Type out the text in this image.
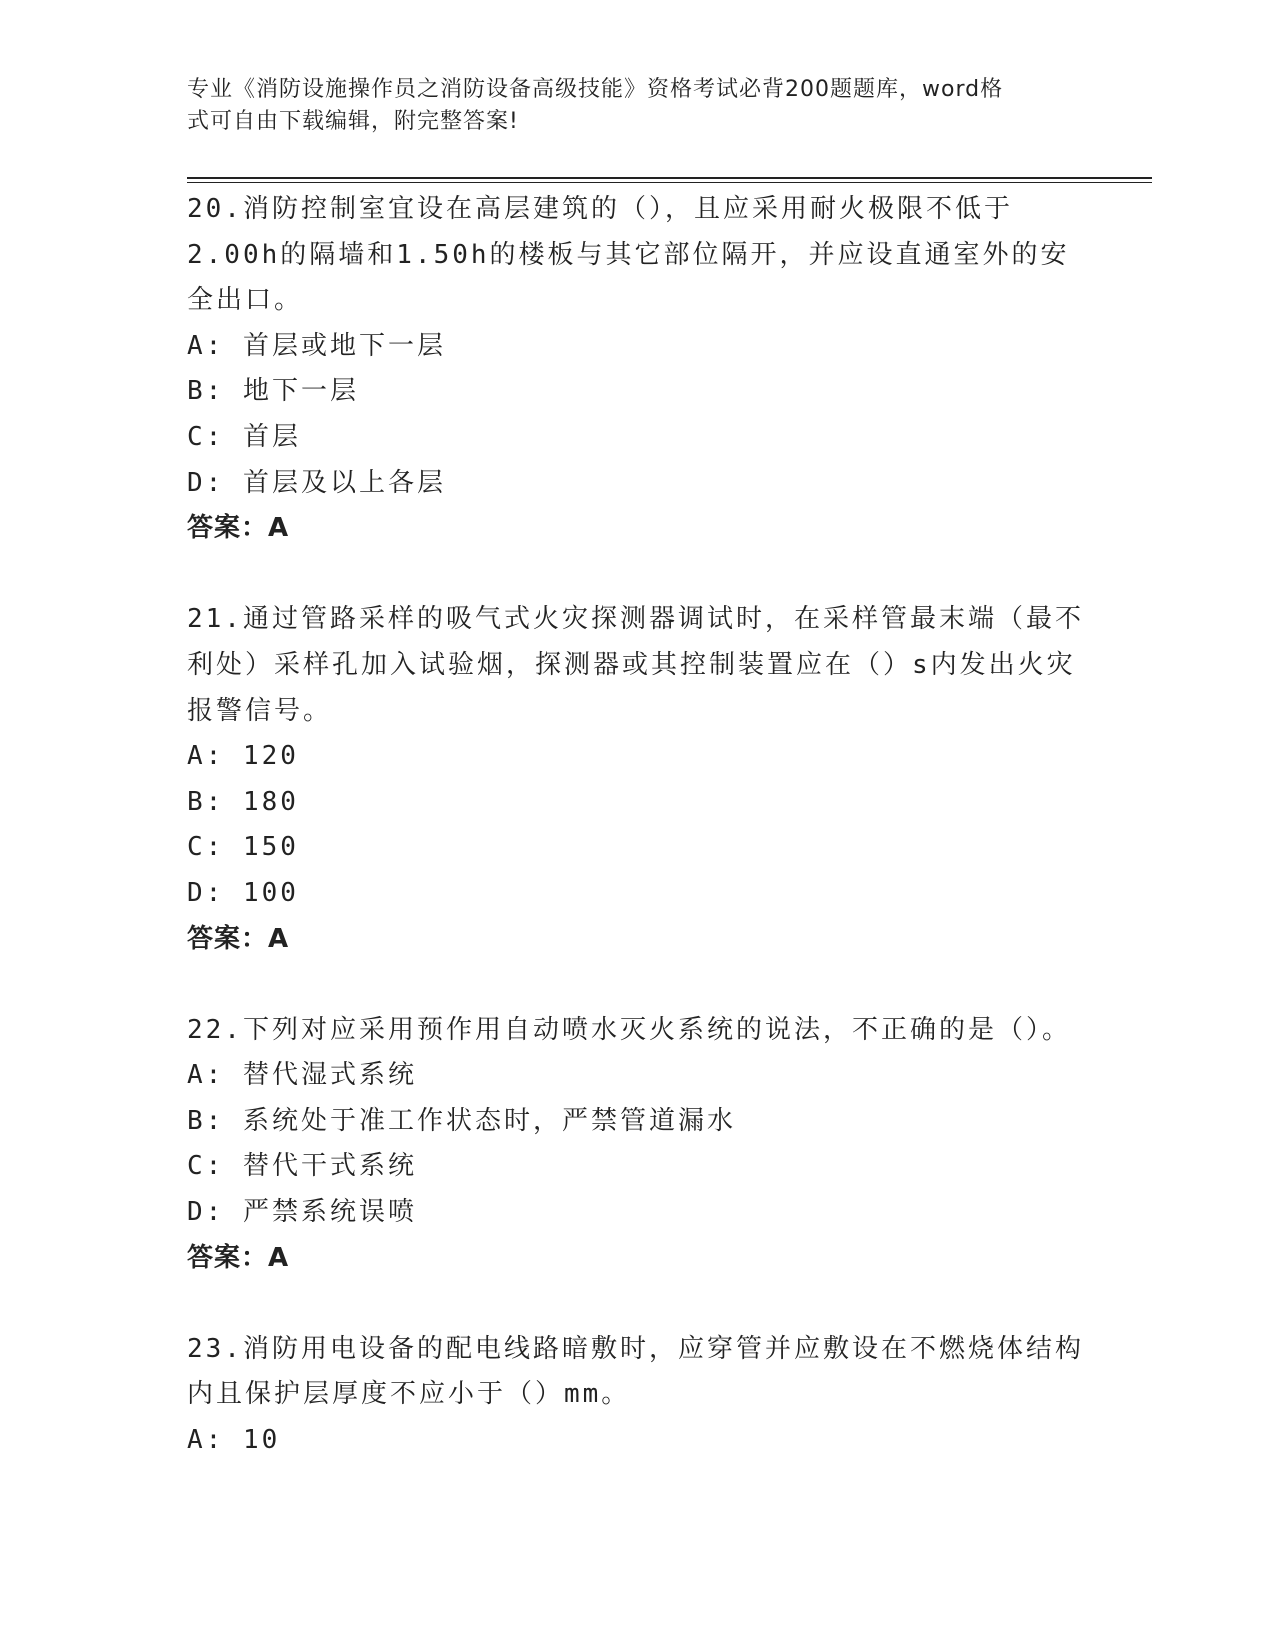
专业《消防设施操作员之消防设备高级技能》资格考试必背200题题库，word格
式可自由下载编辑，附完整答案!

20.消防控制室宜设在高层建筑的（），且应采用耐火极限不低于2.00h的隔墙和1.50h的楼板与其它部位隔开，并应设直通室外的安全出口。

A: 首层或地下一层

B: 地下一层

C: 首层

D: 首层及以上各层

答案：A

21.通过管路采样的吸气式火灾探测器调试时，在采样管最末端（最不利处）采样孔加入试验烟，探测器或其控制装置应在（）s内发出火灾报警信号。

A: 120

B: 180

C: 150

D: 100

答案：A

22.下列对应采用预作用自动喷水灭火系统的说法，不正确的是（）。

A: 替代湿式系统

B: 系统处于准工作状态时，严禁管道漏水

C: 替代干式系统

D: 严禁系统误喷

答案：A

23.消防用电设备的配电线路暗敷时，应穿管并应敷设在不燃烧体结构内且保护层厚度不应小于（）mm。

A: 10
